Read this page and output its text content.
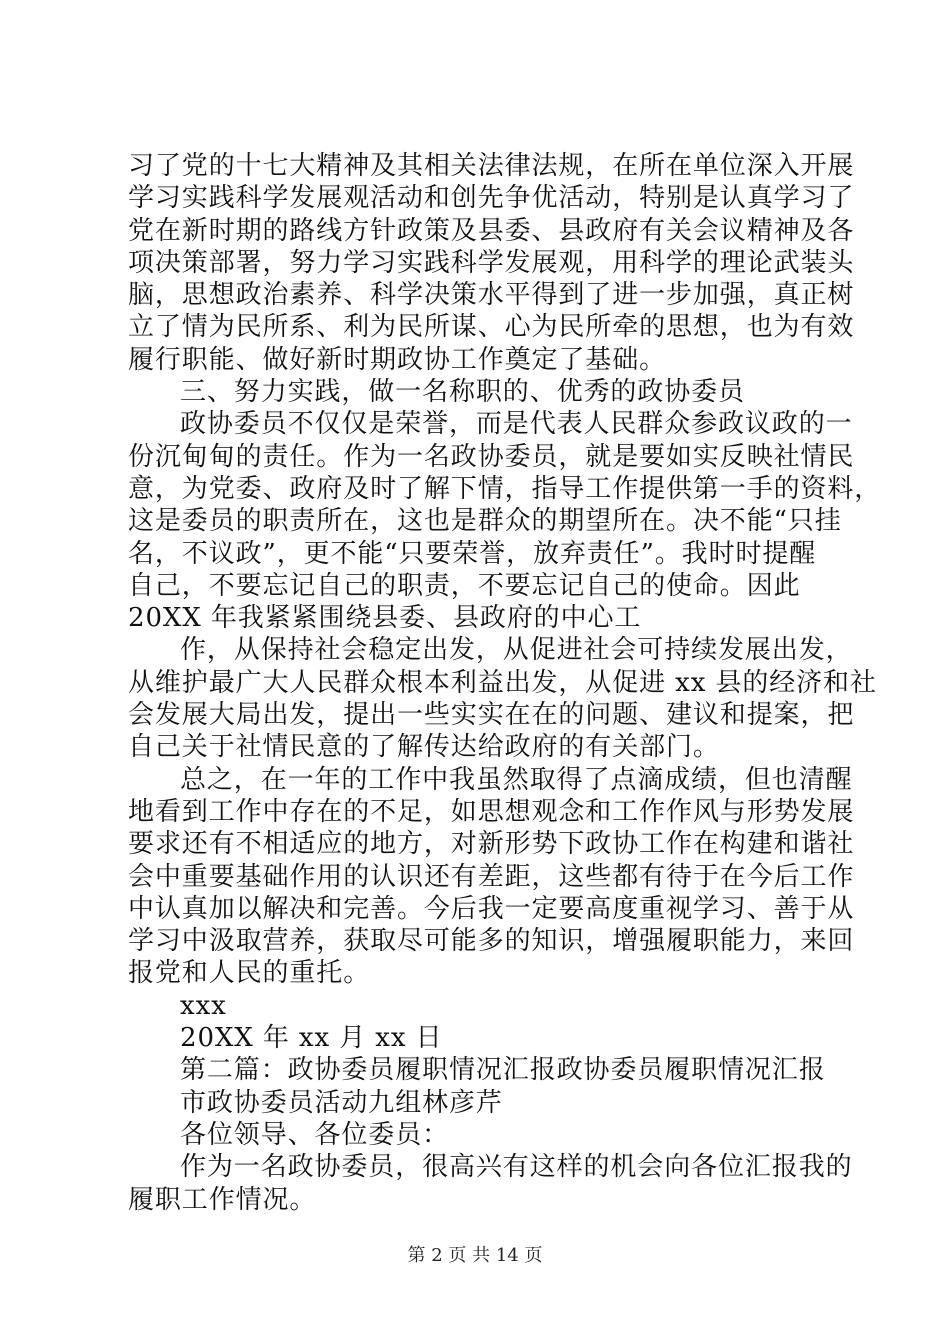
习了党的十七大精神及其相关法律法规，在所在单位深入开展
学习实践科学发展观活动和创先争优活动，特别是认真学习了
党在新时期的路线方针政策及县委、县政府有关会议精神及各
项决策部署，努力学习实践科学发展观，用科学的理论武装头
脑，思想政治素养、科学决策水平得到了进一步加强，真正树
立了情为民所系、利为民所谋、心为民所牵的思想，也为有效
履行职能、做好新时期政协工作奠定了基础。
三、努力实践，做一名称职的、优秀的政协委员
政协委员不仅仅是荣誉，而是代表人民群众参政议政的一
份沉甸甸的责任。作为一名政协委员，就是要如实反映社情民
意，为党委、政府及时了解下情，指导工作提供第一手的资料，
这是委员的职责所在，这也是群众的期望所在。决不能“只挂
名，不议政”，更不能“只要荣誉，放弃责任”。我时时提醒
自己，不要忘记自己的职责，不要忘记自己的使命。因此
20XX 年我紧紧围绕县委、县政府的中心工
作，从保持社会稳定出发，从促进社会可持续发展出发，
从维护最广大人民群众根本利益出发，从促进 xx 县的经济和社
会发展大局出发，提出一些实实在在的问题、建议和提案，把
自己关于社情民意的了解传达给政府的有关部门。
总之，在一年的工作中我虽然取得了点滴成绩，但也清醒
地看到工作中存在的不足，如思想观念和工作作风与形势发展
要求还有不相适应的地方，对新形势下政协工作在构建和谐社
会中重要基础作用的认识还有差距，这些都有待于在今后工作
中认真加以解决和完善。今后我一定要高度重视学习、善于从
学习中汲取营养，获取尽可能多的知识，增强履职能力，来回
报党和人民的重托。
xxx
20XX 年 xx 月 xx 日
第二篇：政协委员履职情况汇报政协委员履职情况汇报
市政协委员活动九组林彦芹
各位领导、各位委员：
作为一名政协委员，很高兴有这样的机会向各位汇报我的
履职工作情况。
第 2 页 共 14 页
